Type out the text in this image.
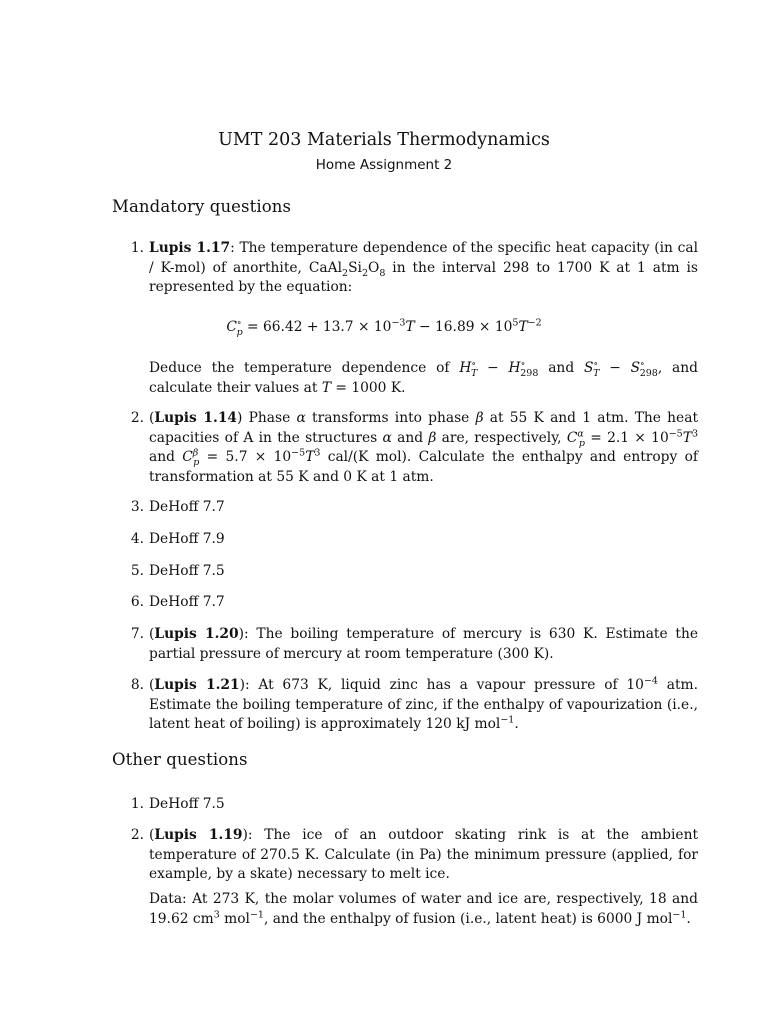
UMT 203 Materials Thermodynamics
Home Assignment 2
Mandatory questions
1. Lupis 1.17: The temperature dependence of the specific heat capacity (in cal / K-mol) of anorthite, $CaAl_2Si_2O_8$ in the interval 298 to 1700 K at 1 atm is represented by the equation:
$C^\circ_p = 66.42 + 13.7 \times 10^{-3}T - 16.89 \times 10^5T^{-2}$
Deduce the temperature dependence of $H^\circ_T - H^\circ_{298}$ and $S^\circ_T - S^\circ_{298}$, and calculate their values at T = 1000 K.
2. (Lupis 1.14) Phase α transforms into phase β at 55 K and 1 atm. The heat capacities of A in the structures α and β are, respectively, $C^\alpha_p = 2.1 \times 10^{-5}T^3$ and $C^\beta_p = 5.7 \times 10^{-5}T^3$ cal/(K mol). Calculate the enthalpy and entropy of transformation at 55 K and 0 K at 1 atm.
3. DeHoff 7.7
4. DeHoff 7.9
5. DeHoff 7.5
6. DeHoff 7.7
7. (Lupis 1.20): The boiling temperature of mercury is 630 K. Estimate the partial pressure of mercury at room temperature (300 K).
8. (Lupis 1.21): At 673 K, liquid zinc has a vapour pressure of $10^{-4}$ atm. Estimate the boiling temperature of zinc, if the enthalpy of vapourization (i.e., latent heat of boiling) is approximately 120 kJ mol$^{-1}$.
Other questions
1. DeHoff 7.5
2. (Lupis 1.19): The ice of an outdoor skating rink is at the ambient temperature of 270.5 K. Calculate (in Pa) the minimum pressure (applied, for example, by a skate) necessary to melt ice.
Data: At 273 K, the molar volumes of water and ice are, respectively, 18 and 19.62 $cm^3$ mol$^{-1}$, and the enthalpy of fusion (i.e., latent heat) is 6000 J mol$^{-1}$.
